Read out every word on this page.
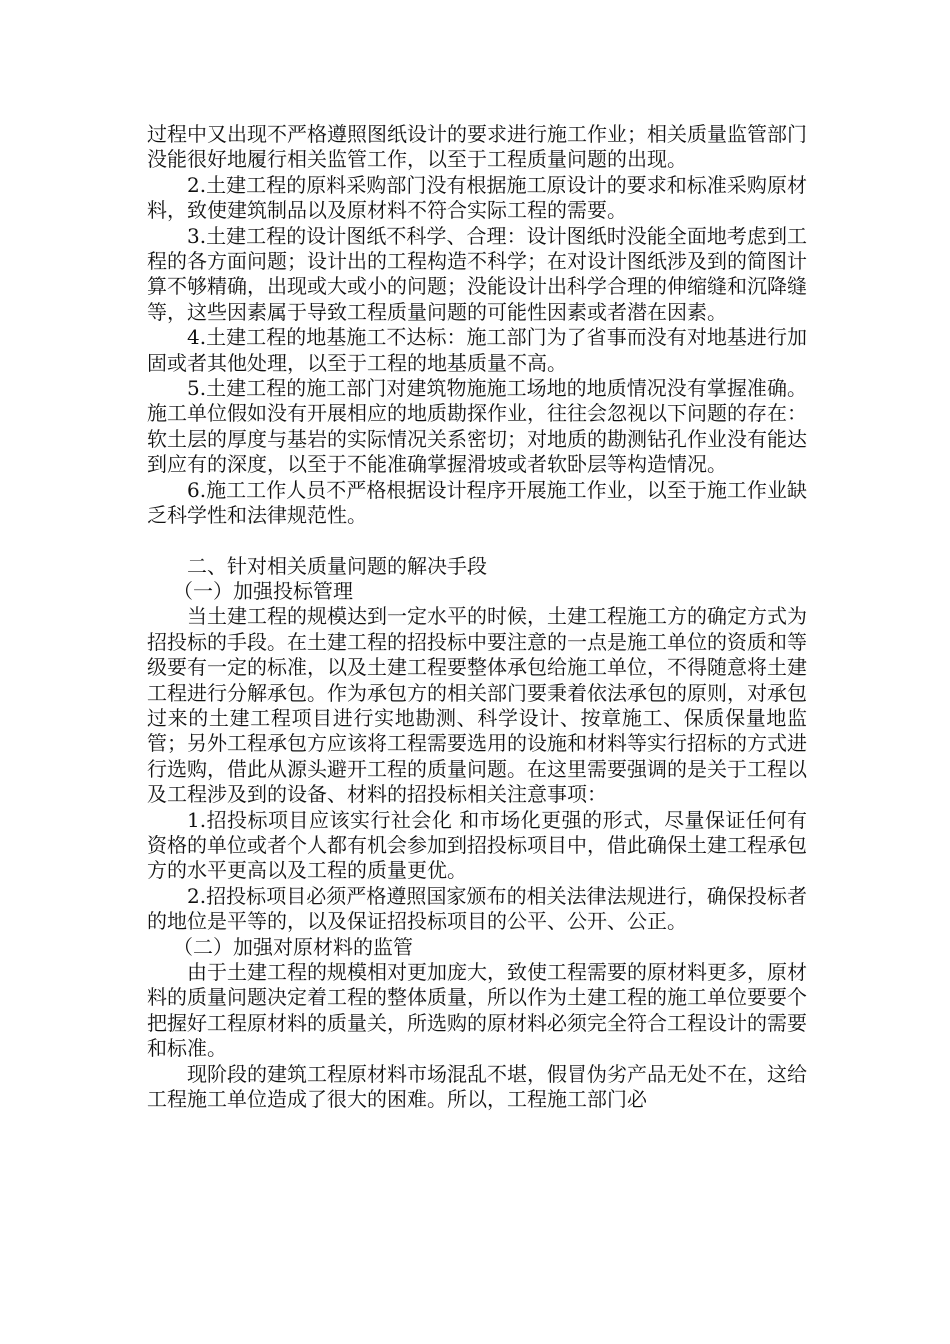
过程中又出现不严格遵照图纸设计的要求进行施工作业；相关质量监管部门没能很好地履行相关监管工作，以至于工程质量问题的出现。

2.土建工程的原料采购部门没有根据施工原设计的要求和标准采购原材料，致使建筑制品以及原材料不符合实际工程的需要。

3.土建工程的设计图纸不科学、合理：设计图纸时没能全面地考虑到工程的各方面问题；设计出的工程构造不科学；在对设计图纸涉及到的简图计算不够精确，出现或大或小的问题；没能设计出科学合理的伸缩缝和沉降缝等，这些因素属于导致工程质量问题的可能性因素或者潜在因素。

4.土建工程的地基施工不达标：施工部门为了省事而没有对地基进行加固或者其他处理，以至于工程的地基质量不高。

5.土建工程的施工部门对建筑物施施工场地的地质情况没有掌握准确。施工单位假如没有开展相应的地质勘探作业，往往会忽视以下问题的存在：软土层的厚度与基岩的实际情况关系密切；对地质的勘测钻孔作业没有能达到应有的深度，以至于不能准确掌握滑坡或者软卧层等构造情况。

6.施工工作人员不严格根据设计程序开展施工作业，以至于施工作业缺乏科学性和法律规范性。

二、针对相关质量问题的解决手段

（一）加强投标管理

当土建工程的规模达到一定水平的时候，土建工程施工方的确定方式为招投标的手段。在土建工程的招投标中要注意的一点是施工单位的资质和等级要有一定的标准，以及土建工程要整体承包给施工单位，不得随意将土建工程进行分解承包。作为承包方的相关部门要秉着依法承包的原则，对承包过来的土建工程项目进行实地勘测、科学设计、按章施工、保质保量地监管；另外工程承包方应该将工程需要选用的设施和材料等实行招标的方式进行选购，借此从源头避开工程的质量问题。在这里需要强调的是关于工程以及工程涉及到的设备、材料的招投标相关注意事项：

1.招投标项目应该实行社会化 和市场化更强的形式，尽量保证任何有资格的单位或者个人都有机会参加到招投标项目中，借此确保土建工程承包方的水平更高以及工程的质量更优。

2.招投标项目必须严格遵照国家颁布的相关法律法规进行，确保投标者的地位是平等的，以及保证招投标项目的公平、公开、公正。

（二）加强对原材料的监管

由于土建工程的规模相对更加庞大，致使工程需要的原材料更多，原材料的质量问题决定着工程的整体质量，所以作为土建工程的施工单位要要个把握好工程原材料的质量关，所选购的原材料必须完全符合工程设计的需要和标准。

现阶段的建筑工程原材料市场混乱不堪，假冒伪劣产品无处不在，这给工程施工单位造成了很大的困难。所以，工程施工部门必
